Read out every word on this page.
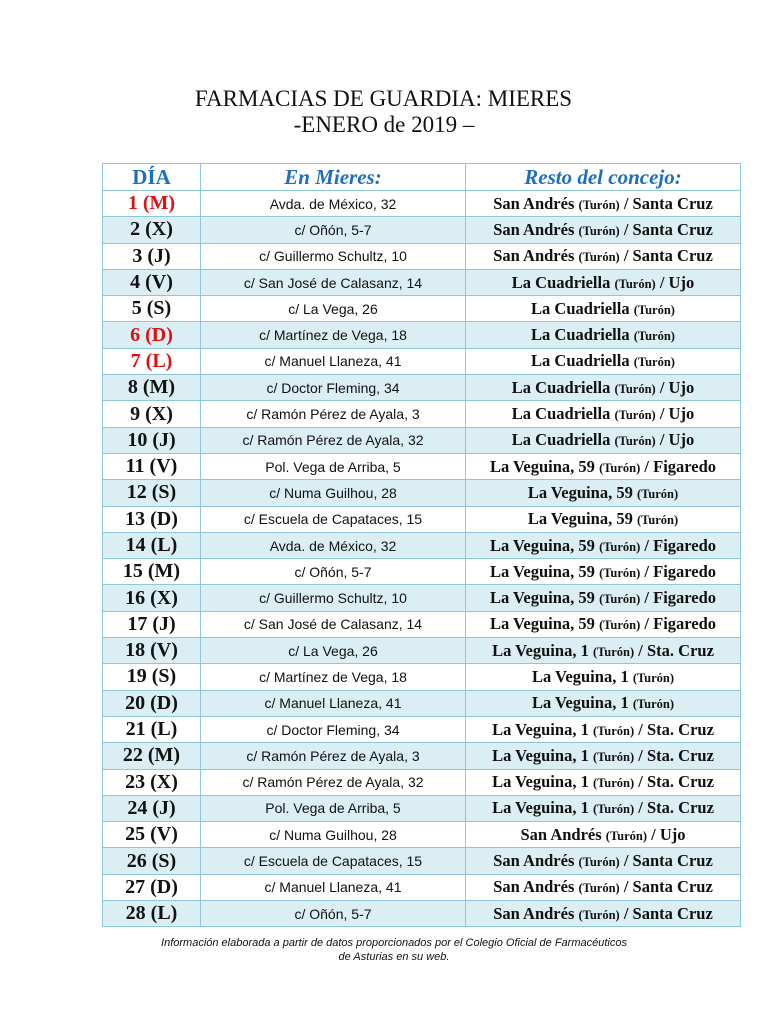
FARMACIAS DE GUARDIA: MIERES
-ENERO de 2019 –
DÍA	En Mieres:	Resto del concejo:
1 (M)	Avda. de México, 32	San Andrés (Turón) / Santa Cruz
2 (X)	c/ Oñón, 5-7	San Andrés (Turón) / Santa Cruz
3 (J)	c/ Guillermo Schultz, 10	San Andrés (Turón) / Santa Cruz
4 (V)	c/ San José de Calasanz, 14	La Cuadriella (Turón) / Ujo
5 (S)	c/ La Vega, 26	La Cuadriella (Turón)
6 (D)	c/ Martínez de Vega, 18	La Cuadriella (Turón)
7 (L)	c/ Manuel Llaneza, 41	La Cuadriella (Turón)
8 (M)	c/ Doctor Fleming, 34	La Cuadriella (Turón) / Ujo
9 (X)	c/ Ramón Pérez de Ayala, 3	La Cuadriella (Turón) / Ujo
10 (J)	c/ Ramón Pérez de Ayala, 32	La Cuadriella (Turón) / Ujo
11 (V)	Pol. Vega de Arriba, 5	La Veguina, 59 (Turón) / Figaredo
12 (S)	c/ Numa Guilhou, 28	La Veguina, 59 (Turón)
13 (D)	c/ Escuela de Capataces, 15	La Veguina, 59 (Turón)
14 (L)	Avda. de México, 32	La Veguina, 59 (Turón) / Figaredo
15 (M)	c/ Oñón, 5-7	La Veguina, 59 (Turón) / Figaredo
16 (X)	c/ Guillermo Schultz, 10	La Veguina, 59 (Turón) / Figaredo
17 (J)	c/ San José de Calasanz, 14	La Veguina, 59 (Turón) / Figaredo
18 (V)	c/ La Vega, 26	La Veguina, 1 (Turón) / Sta. Cruz
19 (S)	c/ Martínez de Vega, 18	La Veguina, 1 (Turón)
20 (D)	c/ Manuel Llaneza, 41	La Veguina, 1 (Turón)
21 (L)	c/ Doctor Fleming, 34	La Veguina, 1 (Turón) / Sta. Cruz
22 (M)	c/ Ramón Pérez de Ayala, 3	La Veguina, 1 (Turón) / Sta. Cruz
23 (X)	c/ Ramón Pérez de Ayala, 32	La Veguina, 1 (Turón) / Sta. Cruz
24 (J)	Pol. Vega de Arriba, 5	La Veguina, 1 (Turón) / Sta. Cruz
25 (V)	c/ Numa Guilhou, 28	San Andrés (Turón) / Ujo
26 (S)	c/ Escuela de Capataces, 15	San Andrés (Turón) / Santa Cruz
27 (D)	c/ Manuel Llaneza, 41	San Andrés (Turón) / Santa Cruz
28 (L)	c/ Oñón, 5-7	San Andrés (Turón) / Santa Cruz
Información elaborada a partir de datos proporcionados por el Colegio Oficial de Farmacéuticos
de Asturias en su web.
